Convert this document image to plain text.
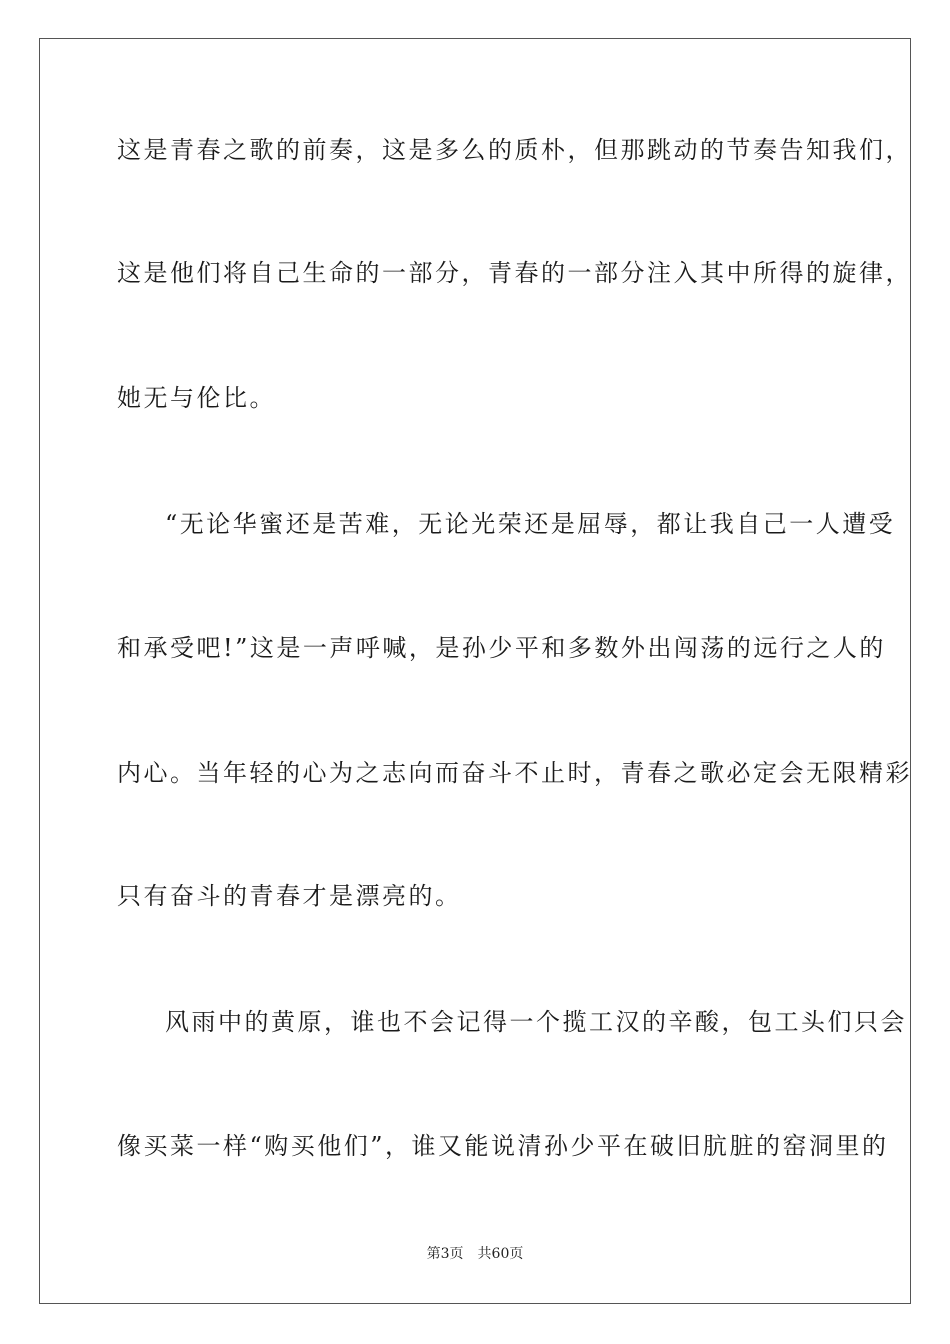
这是青春之歌的前奏，这是多么的质朴，但那跳动的节奏告知我们，
这是他们将自己生命的一部分，青春的一部分注入其中所得的旋律，
她无与伦比。
“无论华蜜还是苦难，无论光荣还是屈辱，都让我自己一人遭受
和承受吧!”这是一声呼喊，是孙少平和多数外出闯荡的远行之人的
内心。当年轻的心为之志向而奋斗不止时，青春之歌必定会无限精彩
只有奋斗的青春才是漂亮的。
风雨中的黄原，谁也不会记得一个揽工汉的辛酸，包工头们只会
像买菜一样“购买他们”，谁又能说清孙少平在破旧肮脏的窑洞里的
第3页 共60页
